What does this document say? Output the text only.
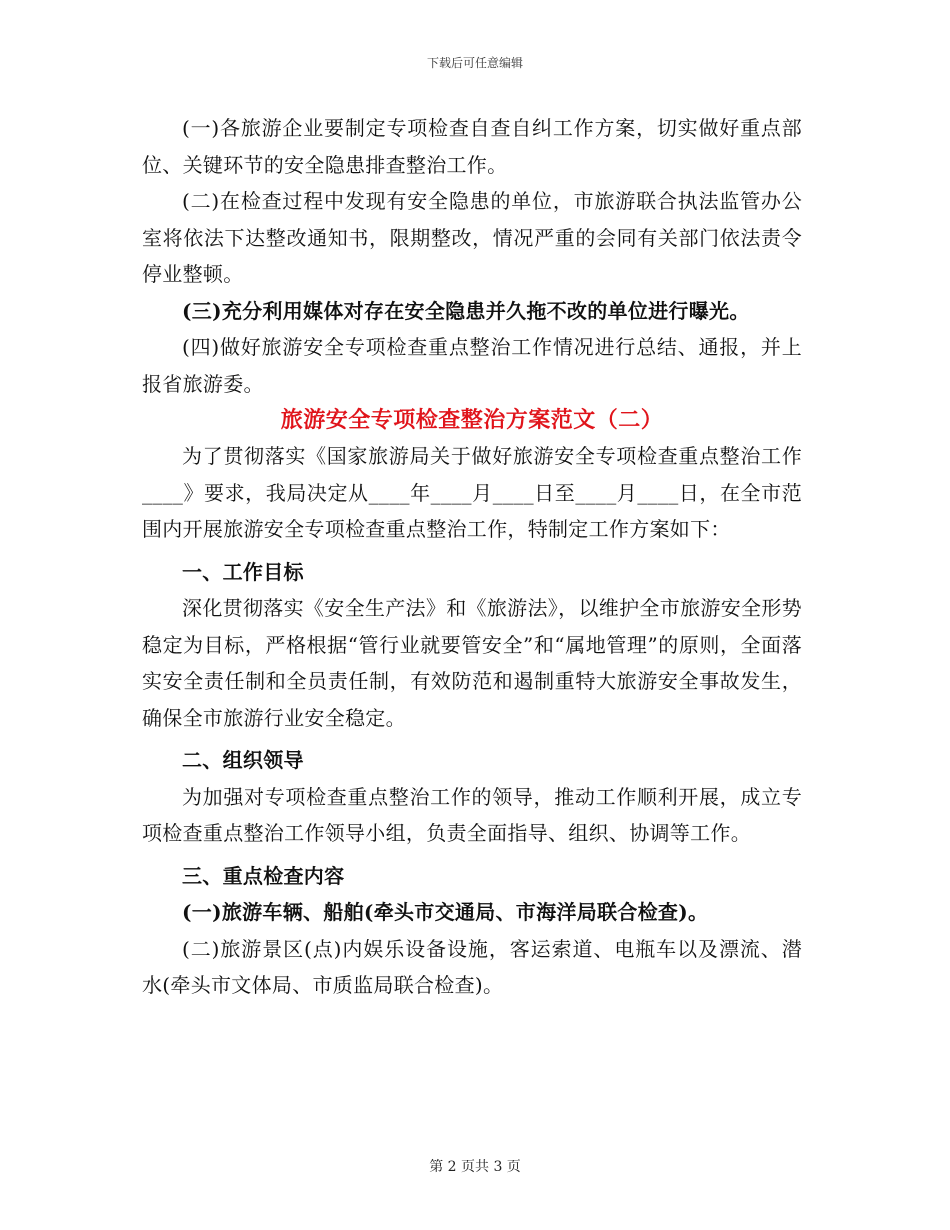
下载后可任意编辑

(一)各旅游企业要制定专项检查自查自纠工作方案，切实做好重点部位、关键环节的安全隐患排查整治工作。

(二)在检查过程中发现有安全隐患的单位，市旅游联合执法监管办公室将依法下达整改通知书，限期整改，情况严重的会同有关部门依法责令停业整顿。

(三)充分利用媒体对存在安全隐患并久拖不改的单位进行曝光。

(四)做好旅游安全专项检查重点整治工作情况进行总结、通报，并上报省旅游委。

旅游安全专项检查整治方案范文（二）

为了贯彻落实《国家旅游局关于做好旅游安全专项检查重点整治工作____》要求，我局决定从____年____月____日至____月____日，在全市范围内开展旅游安全专项检查重点整治工作，特制定工作方案如下：

一、工作目标

深化贯彻落实《安全生产法》和《旅游法》，以维护全市旅游安全形势稳定为目标，严格根据“管行业就要管安全”和“属地管理”的原则，全面落实安全责任制和全员责任制，有效防范和遏制重特大旅游安全事故发生，确保全市旅游行业安全稳定。

二、组织领导

为加强对专项检查重点整治工作的领导，推动工作顺利开展，成立专项检查重点整治工作领导小组，负责全面指导、组织、协调等工作。

三、重点检查内容

(一)旅游车辆、船舶(牵头市交通局、市海洋局联合检查)。

(二)旅游景区(点)内娱乐设备设施，客运索道、电瓶车以及漂流、潜水(牵头市文体局、市质监局联合检查)。

第 2 页共 3 页
